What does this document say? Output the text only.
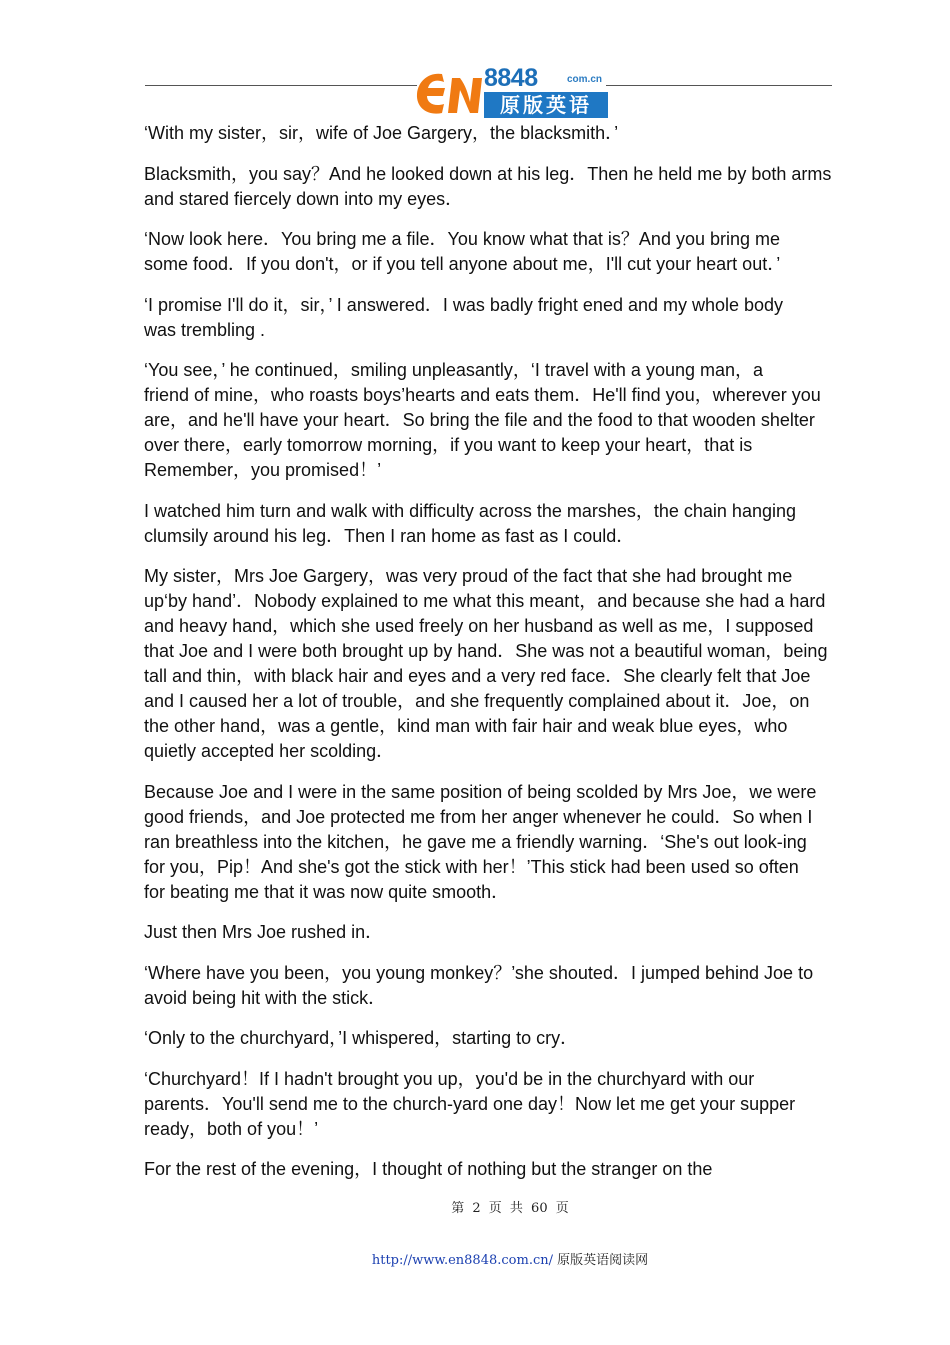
8848	com.cn
原版英语

‘With my sister，sir，wife of Joe Gargery，the blacksmith．’

Blacksmith，you say？And he looked down at his leg．Then he held me by both arms
and stared fiercely down into my eyes．

‘Now look here．You bring me a file．You know what that is？And you bring me
some food．If you don't，or if you tell anyone about me，I'll cut your heart out．’

‘I promise I'll do it，sir，’ I answered．I was badly fright ened and my whole body
was trembling .

‘You see，’ he continued，smiling unpleasantly，‘I travel with a young man，a
friend of mine，who roasts boys’hearts and eats them．He'll find you，wherever you
are，and he'll have your heart．So bring the file and the food to that wooden shelter
over there，early tomorrow morning，if you want to keep your heart，that is
Remember，you promised！’

I watched him turn and walk with difficulty across the marshes，the chain hanging
clumsily around his leg．Then I ran home as fast as I could．

My sister，Mrs Joe Gargery，was very proud of the fact that she had brought me
up‘by hand’．Nobody explained to me what this meant，and because she had a hard
and heavy hand，which she used freely on her husband as well as me，I supposed
that Joe and I were both brought up by hand．She was not a beautiful woman，being
tall and thin，with black hair and eyes and a very red face．She clearly felt that Joe
and I caused her a lot of trouble，and she frequently complained about it．Joe，on
the other hand，was a gentle，kind man with fair hair and weak blue eyes，who
quietly accepted her scolding．

Because Joe and I were in the same position of being scolded by Mrs Joe，we were
good friends，and Joe protected me from her anger whenever he could．So when I
ran breathless into the kitchen，he gave me a friendly warning．‘She's out look-ing
for you，Pip！And she's got the stick with her！’This stick had been used so often
for beating me that it was now quite smooth．

Just then Mrs Joe rushed in．

‘Where have you been，you young monkey？’she shouted．I jumped behind Joe to
avoid being hit with the stick．

‘Only to the churchyard，’I whispered，starting to cry．

‘Churchyard！If I hadn't brought you up，you'd be in the churchyard with our
parents．You'll send me to the church-yard one day！Now let me get your supper
ready，both of you！’

For the rest of the evening，I thought of nothing but the stranger on the

第 2 页 共 60 页
http://www.en8848.com.cn/ 原版英语阅读网
